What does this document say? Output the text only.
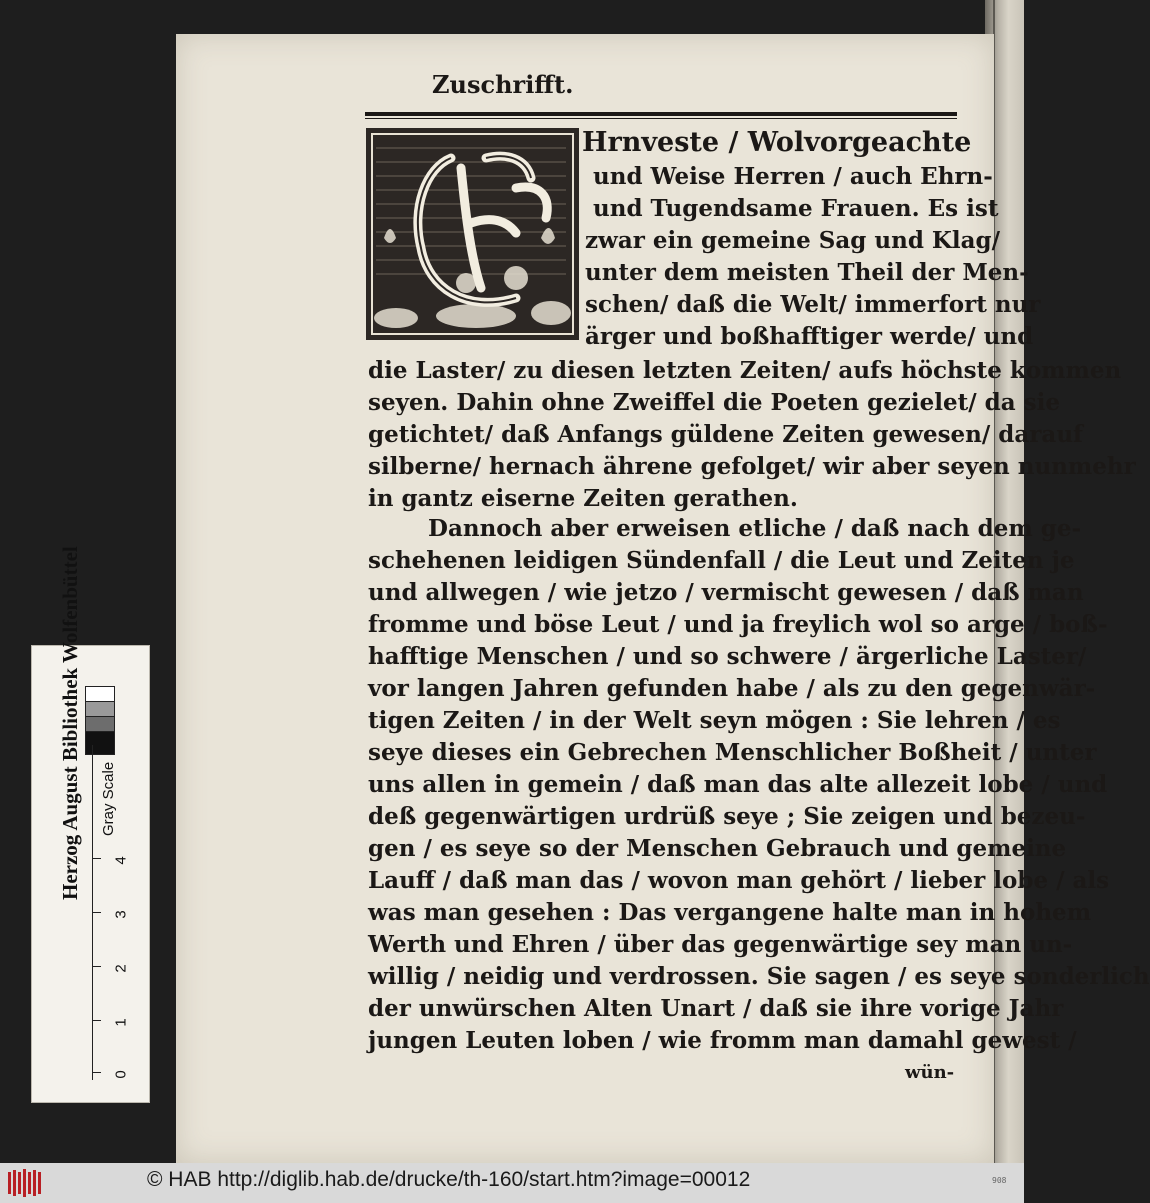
Zuschrifft.
Hrnveste / Wolvorgeachte
und Weise Herren / auch Ehrn-
und Tugendsame Frauen. Es ist
zwar ein gemeine Sag und Klag/
unter dem meisten Theil der Men-
schen/ daß die Welt/ immerfort nur
ärger und boßhafftiger werde/ und
die Laster/ zu diesen letzten Zeiten/ aufs höchste kommen
seyen. Dahin ohne Zweiffel die Poeten gezielet/ da sie
getichtet/ daß Anfangs güldene Zeiten gewesen/ darauf
silberne/ hernach ährene gefolget/ wir aber seyen nunmehr
in gantz eiserne Zeiten gerathen.
Dannoch aber erweisen etliche / daß nach dem ge-
schehenen leidigen Sündenfall / die Leut und Zeiten je
und allwegen / wie jetzo / vermischt gewesen / daß man
fromme und böse Leut / und ja freylich wol so arge / boß-
hafftige Menschen / und so schwere / ärgerliche Laster/
vor langen Jahren gefunden habe / als zu den gegenwär-
tigen Zeiten / in der Welt seyn mögen : Sie lehren / es
seye dieses ein Gebrechen Menschlicher Boßheit / unter
uns allen in gemein / daß man das alte allezeit lobe / und
deß gegenwärtigen urdrüß seye ; Sie zeigen und bezeu-
gen / es seye so der Menschen Gebrauch und gemeine
Lauff / daß man das / wovon man gehört / lieber lobe / als
was man gesehen : Das vergangene halte man in hohem
Werth und Ehren / über das gegenwärtige sey man un-
willig / neidig und verdrossen. Sie sagen / es seye sonderlich
der unwürschen Alten Unart / daß sie ihre vorige Jahr
jungen Leuten loben / wie fromm man damahl gewest /
wün-
Herzog August Bibliothek Wolfenbüttel Gray Scale
0
1
2
3
4
© HAB http://diglib.hab.de/drucke/th-160/start.htm?image=00012	908
